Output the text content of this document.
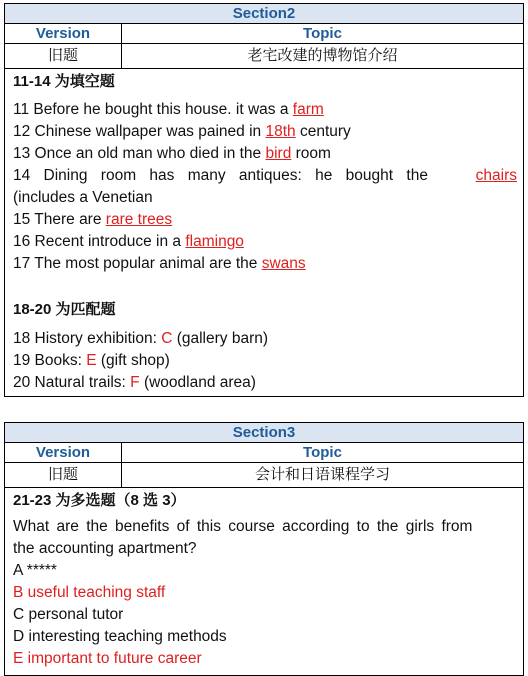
Section2
Version	Topic
旧题	老宅改建的博物馆介绍
11-14 为填空题
11 Before he bought this house. it was a farm
12 Chinese wallpaper was pained in 18th century
13 Once an old man who died in the bird room
14 Dining room has many antiques: he bought the	chairs
(includes a Venetian
15 There are rare trees
16 Recent introduce in a flamingo
17 The most popular animal are the swans
18-20 为匹配题
18 History exhibition: C (gallery barn)
19 Books: E (gift shop)
20 Natural trails: F (woodland area)
Section3
Version	Topic
旧题	会计和日语课程学习
21-23 为多选题（8 选 3）
What are the benefits of this course according to the girls from
the accounting apartment?
A *****
B useful teaching staff
C personal tutor
D interesting teaching methods
E important to future career
